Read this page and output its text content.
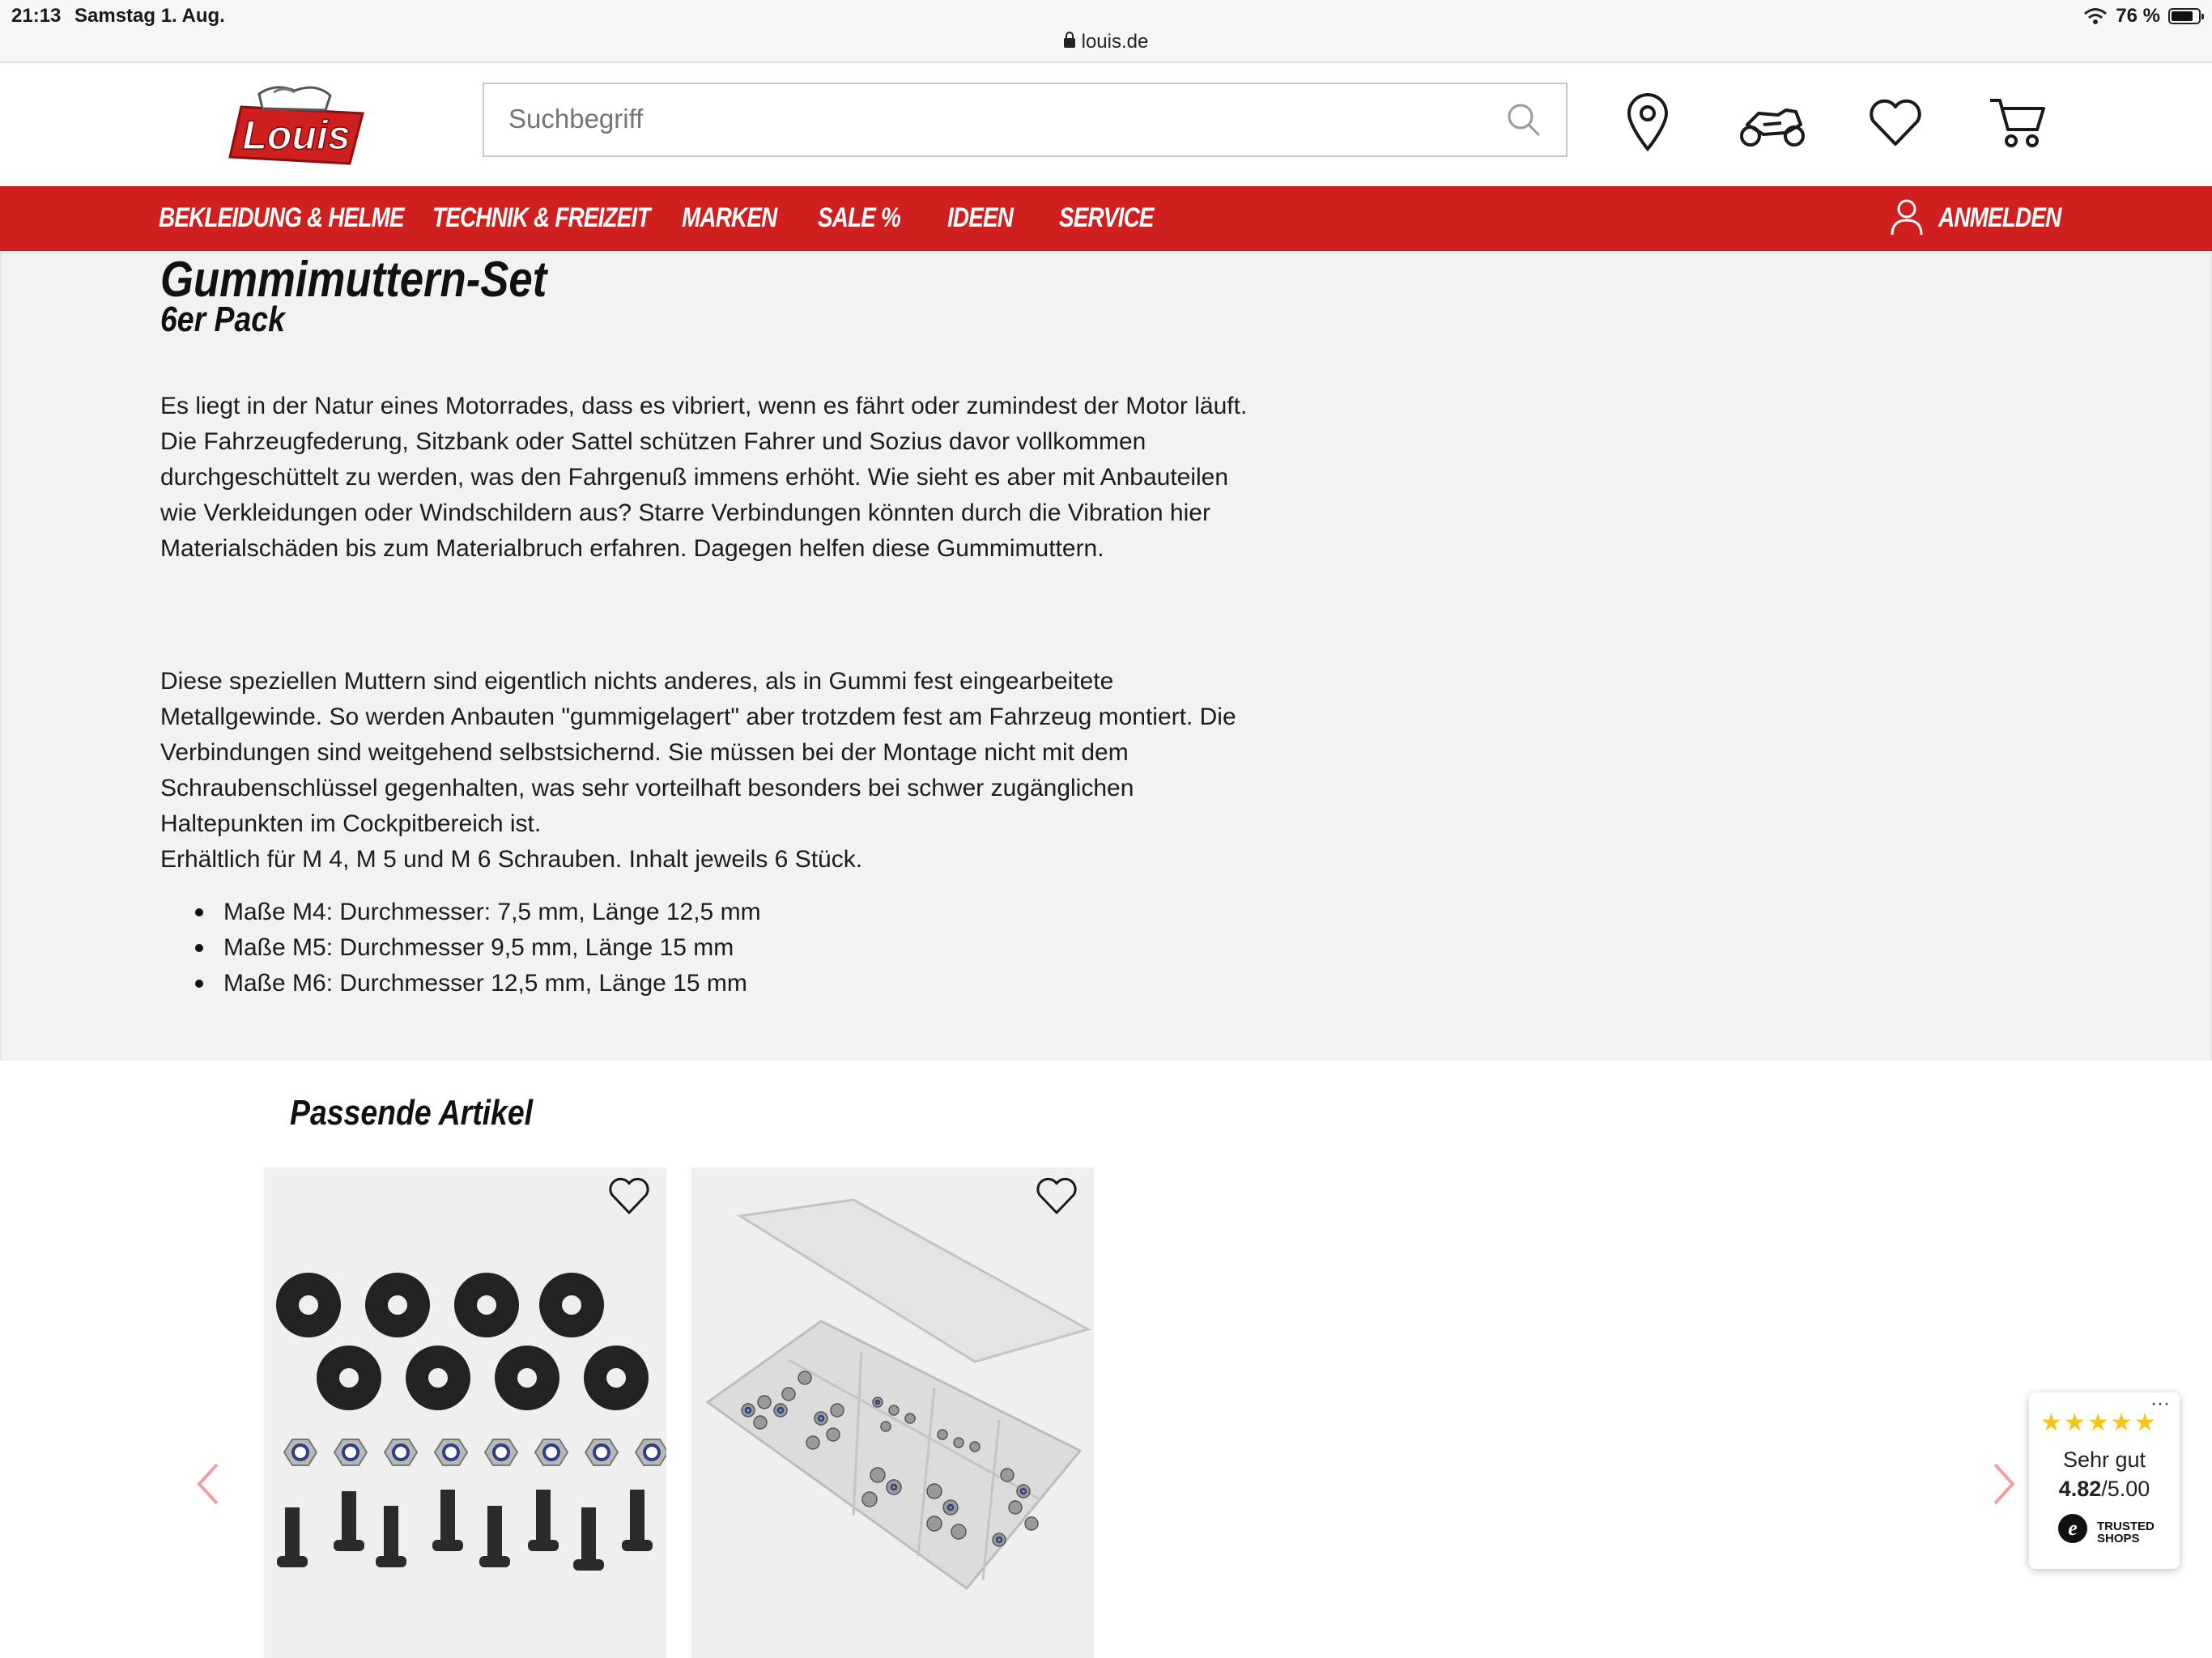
21:13 Samstag 1. Aug.
louis.de
76 %
Louis
Suchbegriff
BEKLEIDUNG & HELME TECHNIK & FREIZEIT MARKEN SALE % IDEEN SERVICE	ANMELDEN
Gummimuttern-Set
6er Pack

Es liegt in der Natur eines Motorrades, dass es vibriert, wenn es fährt oder zumindest der Motor läuft. Die Fahrzeugfederung, Sitzbank oder Sattel schützen Fahrer und Sozius davor vollkommen durchgeschüttelt zu werden, was den Fahrgenuß immens erhöht. Wie sieht es aber mit Anbauteilen wie Verkleidungen oder Windschildern aus? Starre Verbindungen könnten durch die Vibration hier Materialschäden bis zum Materialbruch erfahren. Dagegen helfen diese Gummimuttern.

Diese speziellen Muttern sind eigentlich nichts anderes, als in Gummi fest eingearbeitete Metallgewinde. So werden Anbauten "gummigelagert" aber trotzdem fest am Fahrzeug montiert. Die Verbindungen sind weitgehend selbstsichernd. Sie müssen bei der Montage nicht mit dem Schraubenschlüssel gegenhalten, was sehr vorteilhaft besonders bei schwer zugänglichen Haltepunkten im Cockpitbereich ist.

Erhältlich für M 4, M 5 und M 6 Schrauben. Inhalt jeweils 6 Stück.

Maße M4: Durchmesser: 7,5 mm, Länge 12,5 mm
Maße M5: Durchmesser 9,5 mm, Länge 15 mm
Maße M6: Durchmesser 12,5 mm, Länge 15 mm
Passende Artikel
···
★★★★★
Sehr gut
4.82/5.00
e TRUSTED
SHOPS
